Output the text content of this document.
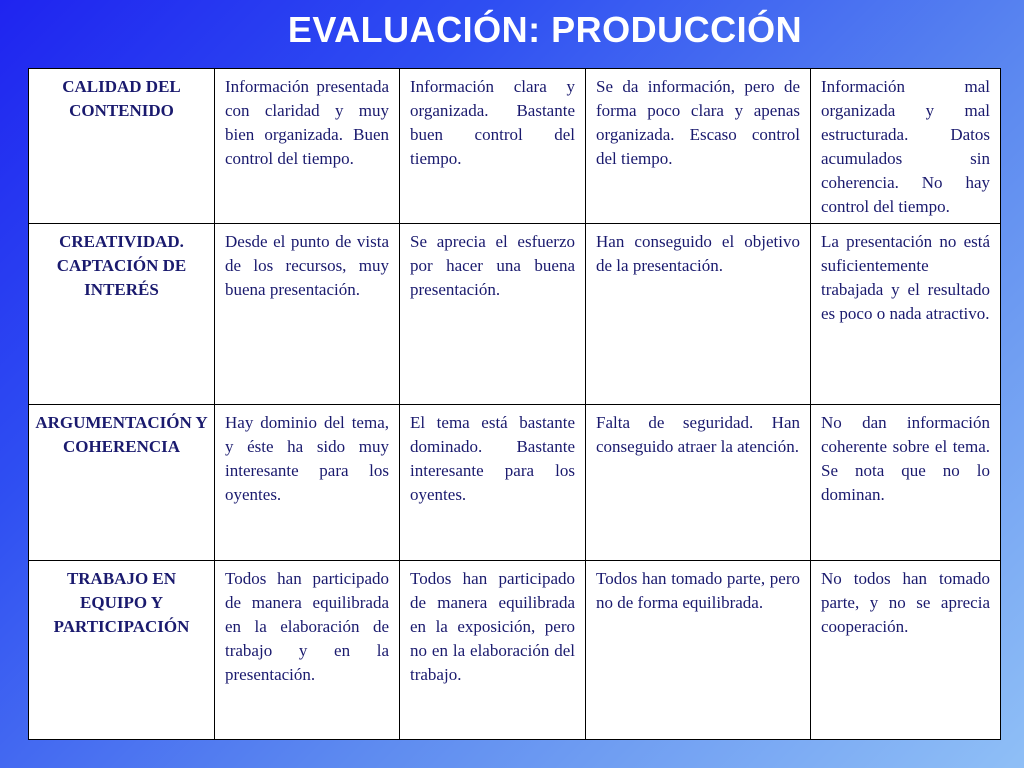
EVALUACIÓN: PRODUCCIÓN
CALIDAD DEL CONTENIDO	Información presentada con claridad y muy bien organizada. Buen control del tiempo.	Información clara y organizada. Bastante buen control del tiempo.	Se da información, pero de forma poco clara y apenas organizada. Escaso control del tiempo.	Información mal organizada y mal estructurada. Datos acumulados sin coherencia. No hay control del tiempo.
CREATIVIDAD. CAPTACIÓN DE INTERÉS	Desde el punto de vista de los recursos, muy buena presentación.	Se aprecia el esfuerzo por hacer una buena presentación.	Han conseguido el objetivo de la presentación.	La presentación no está suficientemente trabajada y el resultado es poco o nada atractivo.
ARGUMENTACIÓN Y COHERENCIA	Hay dominio del tema, y éste ha sido muy interesante para los oyentes.	El tema está bastante dominado. Bastante interesante para los oyentes.	Falta de seguridad. Han conseguido atraer la atención.	No dan información coherente sobre el tema. Se nota que no lo dominan.
TRABAJO EN EQUIPO Y PARTICIPACIÓN	Todos han participado de manera equilibrada en la elaboración de trabajo y en la presentación.	Todos han participado de manera equilibrada en la exposición, pero no en la elaboración del trabajo.	Todos han tomado parte, pero no de forma equilibrada.	No todos han tomado parte, y no se aprecia cooperación.
